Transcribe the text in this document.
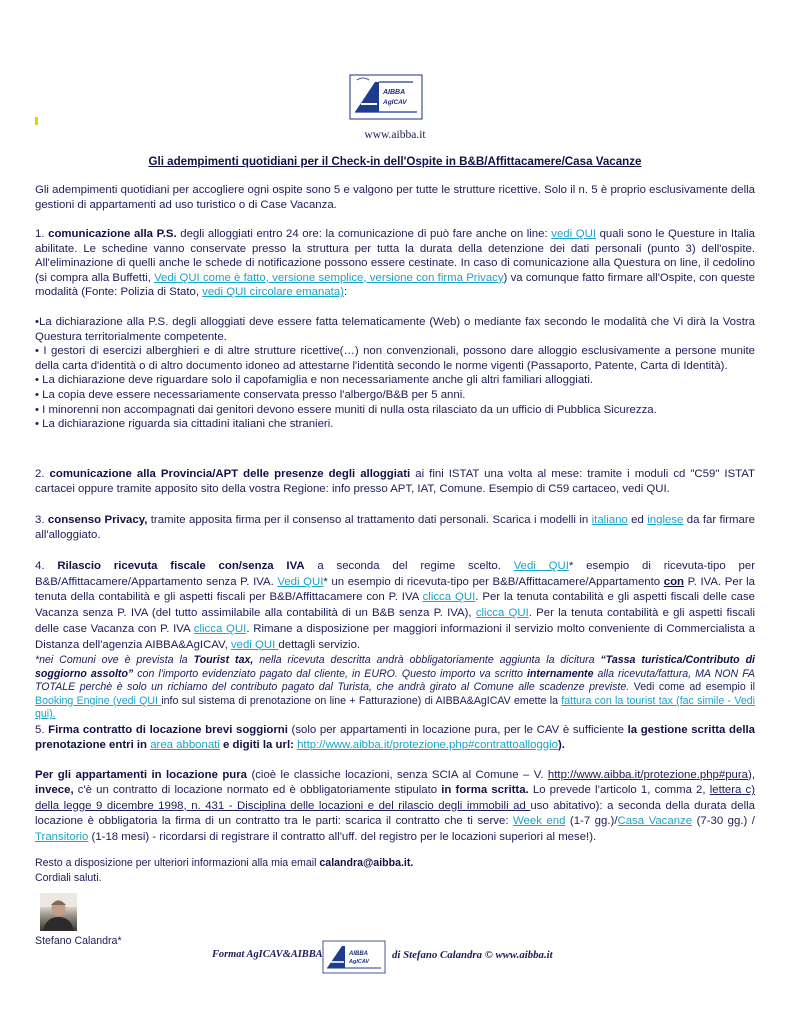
AIBBA
AgICAV
www.aibba.it
Gli adempimenti quotidiani per il Check-in dell'Ospite in B&B/Affittacamere/Casa Vacanze

Gli adempimenti quotidiani per accogliere ogni ospite sono 5 e valgono per tutte le strutture ricettive. Solo il n. 5 è proprio esclusivamente della gestioni di appartamenti ad uso turistico o di Case Vacanza.

1. comunicazione alla P.S. degli alloggiati entro 24 ore: la comunicazione di può fare anche on line: vedi QUI quali sono le Questure in Italia abilitate. Le schedine vanno conservate presso la struttura per tutta la durata della detenzione dei dati personali (punto 3) dell'ospite. All'eliminazione di quelli anche le schede di notificazione possono essere cestinate. In caso di comunicazione alla Questura on line, il cedolino (si compra alla Buffetti, Vedi QUI come è fatto, versione semplice, versione con firma Privacy) va comunque fatto firmare all'Ospite, con queste modalità (Fonte: Polizia di Stato, vedi QUI circolare emanata):

•La dichiarazione alla P.S. degli alloggiati deve essere fatta telematicamente (Web) o mediante fax secondo le modalità che Vi dirà la Vostra Questura territorialmente competente.
• I gestori di esercizi alberghieri e di altre strutture ricettive(…) non convenzionali, possono dare alloggio esclusivamente a persone munite della carta d'identità o di altro documento idoneo ad attestarne l'identità secondo le norme vigenti (Passaporto, Patente, Carta di Identità).
• La dichiarazione deve riguardare solo il capofamiglia e non necessariamente anche gli altri familiari alloggiati.
• La copia deve essere necessariamente conservata presso l'albergo/B&B per 5 anni.
• I minorenni non accompagnati dai genitori devono essere muniti di nulla osta rilasciato da un ufficio di Pubblica Sicurezza.
• La dichiarazione riguarda sia cittadini italiani che stranieri.

2. comunicazione alla Provincia/APT delle presenze degli alloggiati ai fini ISTAT una volta al mese: tramite i moduli cd "C59" ISTAT cartacei oppure tramite apposito sito della vostra Regione: info presso APT, IAT, Comune. Esempio di C59 cartaceo, vedi QUI.

3. consenso Privacy, tramite apposita firma per il consenso al trattamento dati personali. Scarica i modelli in italiano ed inglese da far firmare all'alloggiato.

4. Rilascio ricevuta fiscale con/senza IVA a seconda del regime scelto. Vedi QUI* esempio di ricevuta-tipo per B&B/Affittacamere/Appartamento senza P. IVA. Vedi QUI* un esempio di ricevuta-tipo per B&B/Affittacamere/Appartamento con P. IVA. Per la tenuta della contabilità e gli aspetti fiscali per B&B/Affittacamere con P. IVA clicca QUI. Per la tenuta contabilità e gli aspetti fiscali delle case Vacanza senza P. IVA (del tutto assimilabile alla contabilità di un B&B senza P. IVA), clicca QUI. Per la tenuta contabilità e gli aspetti fiscali delle case Vacanza con P. IVA clicca QUI. Rimane a disposizione per maggiori informazioni il servizio molto conveniente di Commercialista a Distanza dell'agenzia AIBBA&AgICAV, vedi QUI dettagli servizio.

*nei Comuni ove è prevista la Tourist tax, nella ricevuta descritta andrà obbligatoriamente aggiunta la dicitura “Tassa turistica/Contributo di soggiorno assolto” con l'importo evidenziato pagato dal cliente, in EURO. Questo importo va scritto internamente alla ricevuta/fattura, MA NON FA TOTALE perchè è solo un richiamo del contributo pagato dal Turista, che andrà girato al Comune alle scadenze previste. Vedi come ad esempio il Booking Engine (vedi QUI info sul sistema di prenotazione on line + Fatturazione) di AIBBA&AgICAV emette la fattura con la tourist tax (fac simile - Vedi qui).

5. Firma contratto di locazione brevi soggiorni (solo per appartamenti in locazione pura, per le CAV è sufficiente la gestione scritta della prenotazione entri in area abbonati e digiti la url: http://www.aibba.it/protezione.php#contrattoalloggio).

Per gli appartamenti in locazione pura (cioè le classiche locazioni, senza SCIA al Comune – V. http://www.aibba.it/protezione.php#pura), invece, c'è un contratto di locazione normato ed è obbligatoriamente stipulato in forma scritta. Lo prevede l’articolo 1, comma 2, lettera c) della legge 9 dicembre 1998, n. 431 - Disciplina delle locazioni e del rilascio degli immobili ad uso abitativo): a seconda della durata della locazione è obbligatoria la firma di un contratto tra le parti: scarica il contratto che ti serve: Week end (1-7 gg.)/Casa Vacanze (7-30 gg.) / Transitorio (1-18 mesi) - ricordarsi di registrare il contratto all'uff. del registro per le locazioni superiori al mese!).

Resto a disposizione per ulteriori informazioni alla mia email calandra@aibba.it.
Cordiali saluti.
Stefano Calandra*
Format AgICAV&AIBBA	AIBBA
AgICAV
di Stefano Calandra © www.aibba.it
